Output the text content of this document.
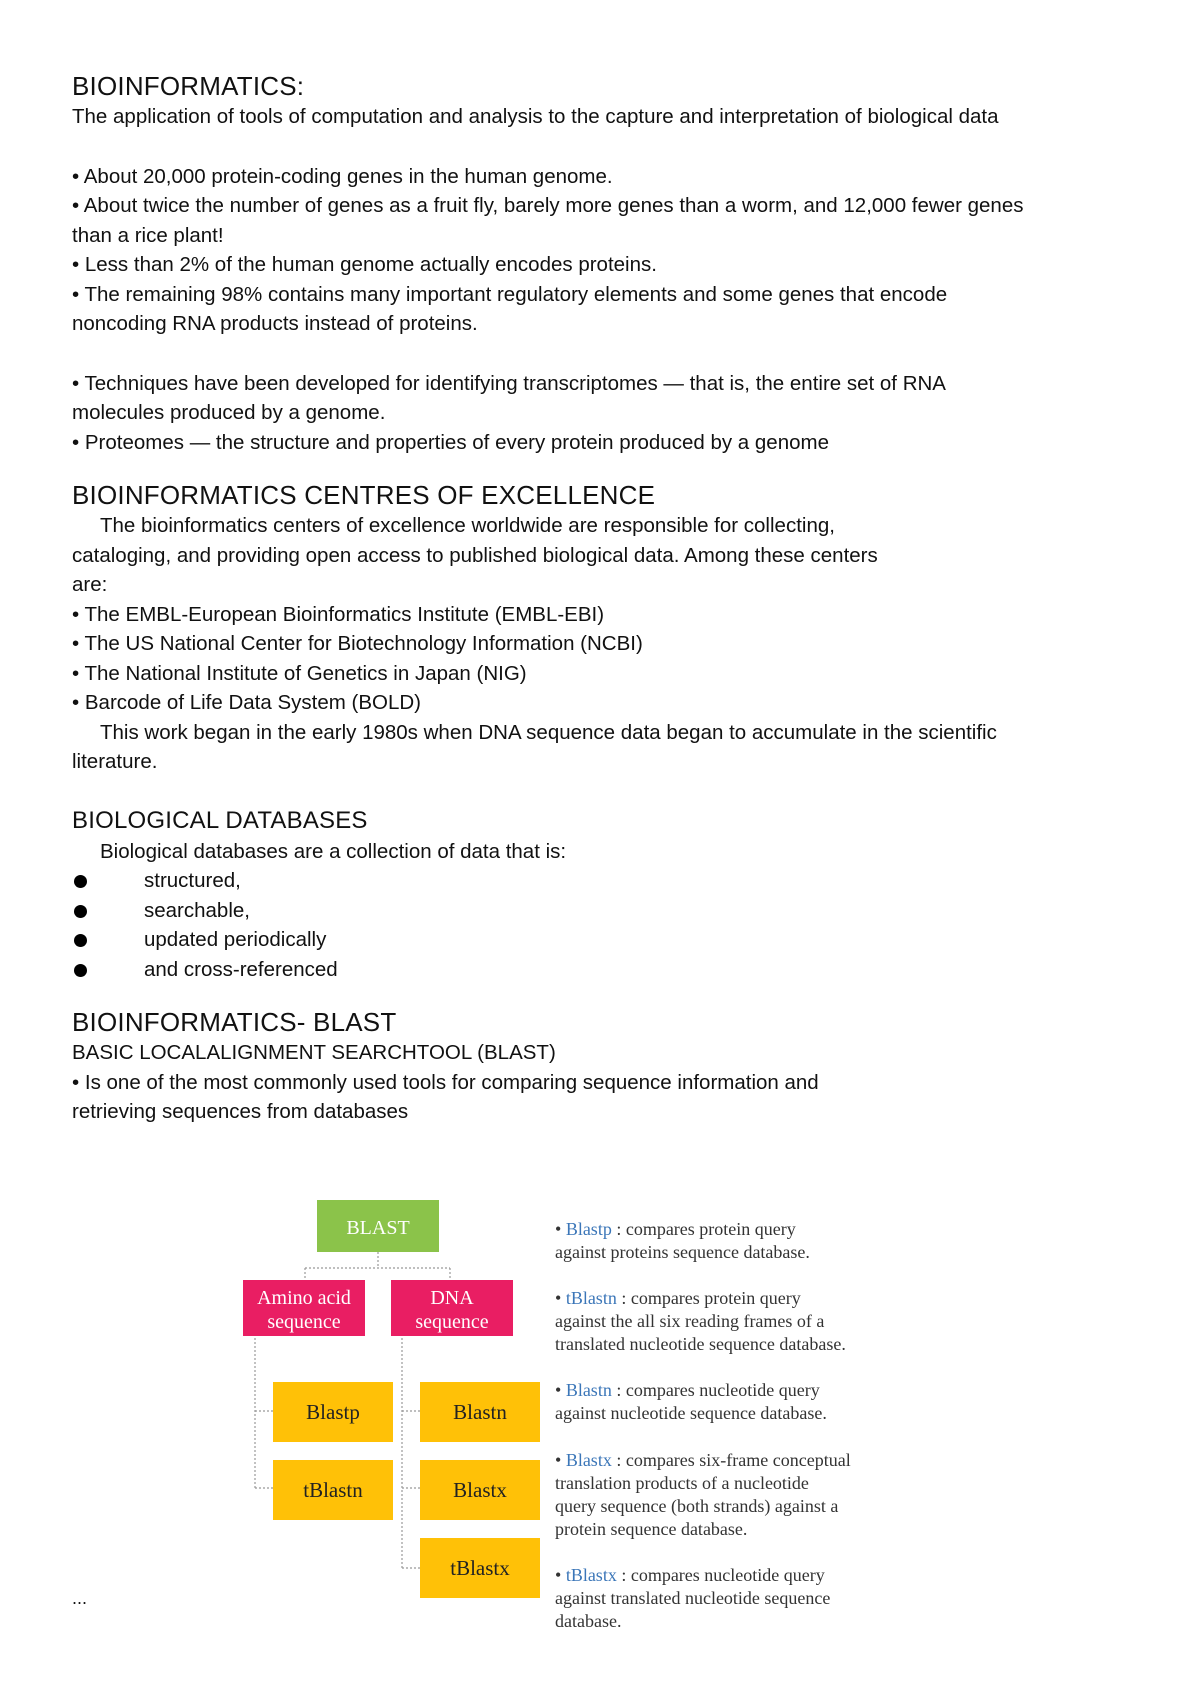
BIOINFORMATICS:

The application of tools of computation and analysis to the capture and interpretation of biological data

• About 20,000 protein-coding genes in the human genome.

• About twice the number of genes as a fruit fly, barely more genes than a worm, and 12,000 fewer genes

than a rice plant!

• Less than 2% of the human genome actually encodes proteins.

• The remaining 98% contains many important regulatory elements and some genes that encode

noncoding RNA products instead of proteins.

• Techniques have been developed for identifying transcriptomes — that is, the entire set of RNA

molecules produced by a genome.

• Proteomes — the structure and properties of every protein produced by a genome

BIOINFORMATICS CENTRES OF EXCELLENCE

The bioinformatics centers of excellence worldwide are responsible for collecting,

cataloging, and providing open access to published biological data. Among these centers

are:

• The EMBL-European Bioinformatics Institute (EMBL-EBI)

• The US National Center for Biotechnology Information (NCBI)

• The National Institute of Genetics in Japan (NIG)

• Barcode of Life Data System (BOLD)

This work began in the early 1980s when DNA sequence data began to accumulate in the scientific

literature.

BIOLOGICAL DATABASES

Biological databases are a collection of data that is:

structured,
searchable,
updated periodically
and cross-referenced
BIOINFORMATICS- BLAST

BASIC LOCALALIGNMENT SEARCHTOOL (BLAST)

• Is one of the most commonly used tools for comparing sequence information and

retrieving sequences from databases

BLAST
Amino acid
sequence
DNA
sequence
Blastp
tBlastn
Blastn
Blastx
tBlastx
• Blastp : compares protein query
against proteins sequence database.
• tBlastn : compares protein query
against the all six reading frames of a
translated nucleotide sequence database.
• Blastn : compares nucleotide query
against nucleotide sequence database.
• Blastx : compares six-frame conceptual
translation products of a nucleotide
query sequence (both strands) against a
protein sequence database.
• tBlastx : compares nucleotide query
against translated nucleotide sequence
database.
...
